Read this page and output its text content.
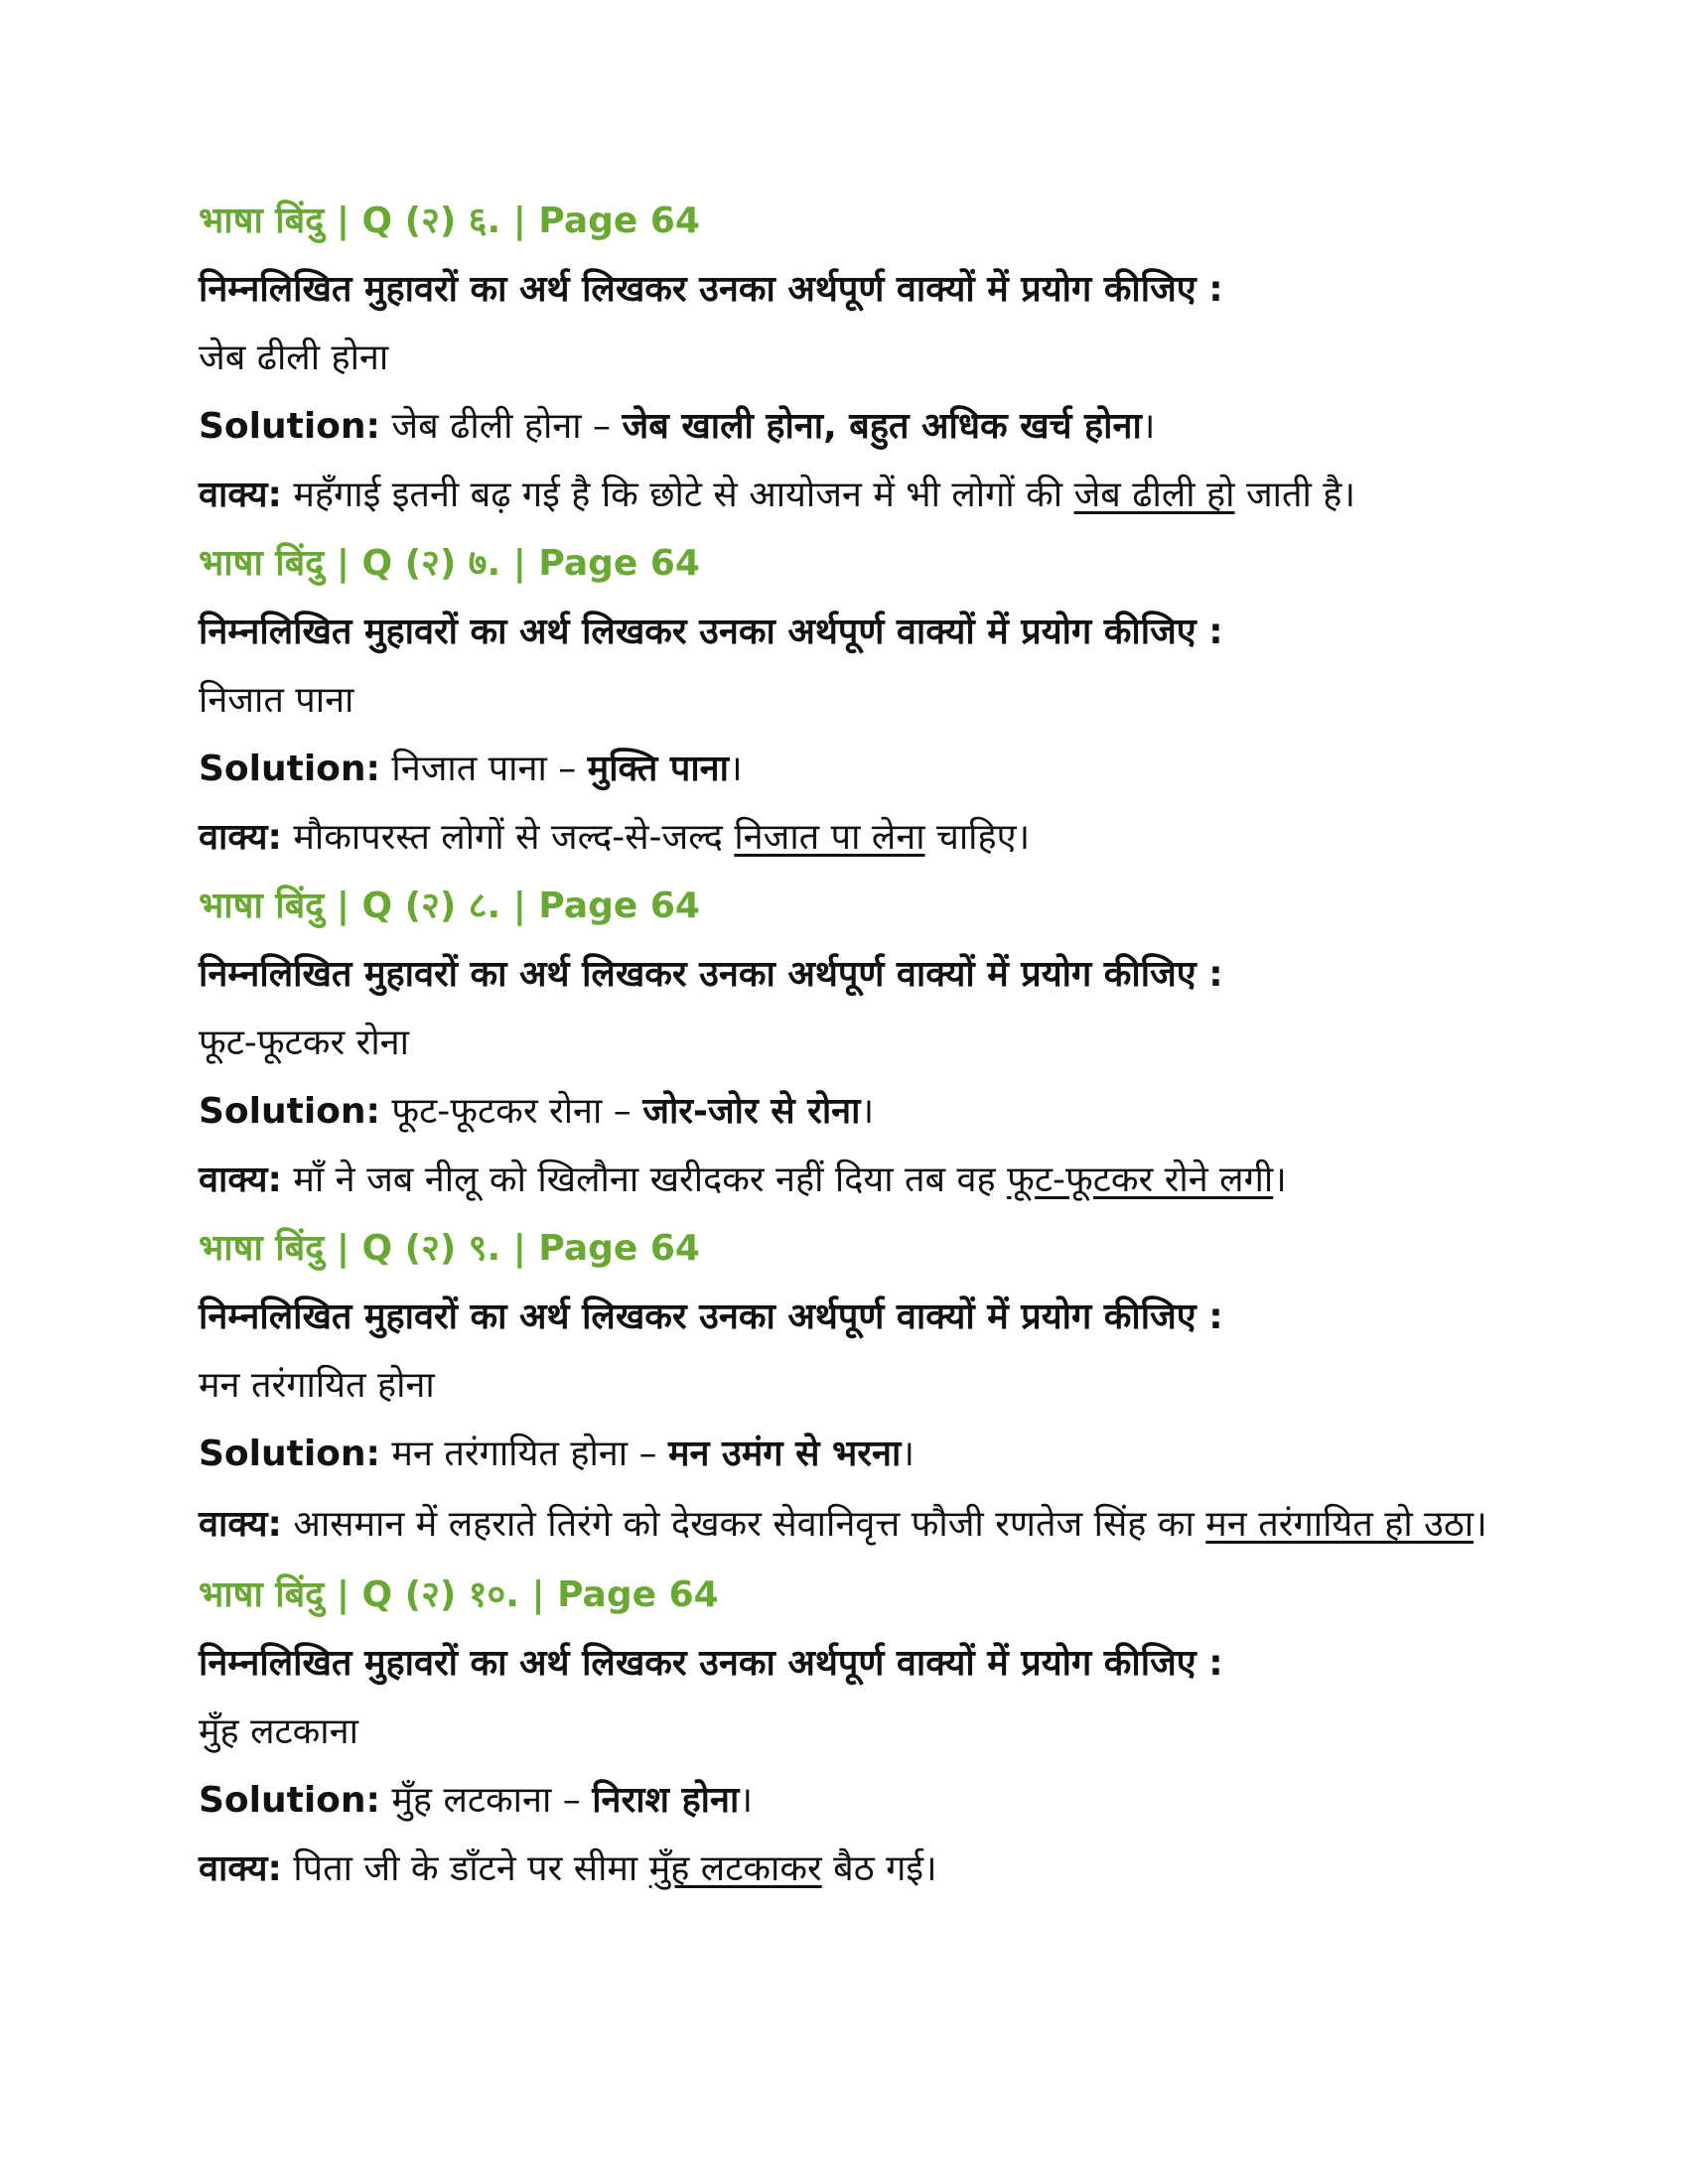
भाषा बिंदु | Q (२) ६. | Page 64
निम्नलिखित मुहावरों का अर्थ लिखकर उनका अर्थपूर्ण वाक्यों में प्रयोग कीजिए :
जेब ढीली होना
Solution: जेब ढीली होना – जेब खाली होना, बहुत अधिक खर्च होना।
वाक्य: महँगाई इतनी बढ़ गई है कि छोटे से आयोजन में भी लोगों की जेब ढीली हो जाती है।
भाषा बिंदु | Q (२) ७. | Page 64
निम्नलिखित मुहावरों का अर्थ लिखकर उनका अर्थपूर्ण वाक्यों में प्रयोग कीजिए :
निजात पाना
Solution: निजात पाना – मुक्ति पाना।
वाक्य: मौकापरस्त लोगों से जल्द-से-जल्द निजात पा लेना चाहिए।
भाषा बिंदु | Q (२) ८. | Page 64
निम्नलिखित मुहावरों का अर्थ लिखकर उनका अर्थपूर्ण वाक्यों में प्रयोग कीजिए :
फूट-फूटकर रोना
Solution: फूट-फूटकर रोना – जोर-जोर से रोना।
वाक्य: माँ ने जब नीलू को खिलौना खरीदकर नहीं दिया तब वह फूट-फूटकर रोने लगी।
भाषा बिंदु | Q (२) ९. | Page 64
निम्नलिखित मुहावरों का अर्थ लिखकर उनका अर्थपूर्ण वाक्यों में प्रयोग कीजिए :
मन तरंगायित होना
Solution: मन तरंगायित होना – मन उमंग से भरना।
वाक्य: आसमान में लहराते तिरंगे को देखकर सेवानिवृत्त फौजी रणतेज सिंह का मन तरंगायित हो उठा।
भाषा बिंदु | Q (२) १०. | Page 64
निम्नलिखित मुहावरों का अर्थ लिखकर उनका अर्थपूर्ण वाक्यों में प्रयोग कीजिए :
मुँह लटकाना
Solution: मुँह लटकाना – निराश होना।
वाक्य: पिता जी के डाँटने पर सीमा मुँह लटकाकर बैठ गई।
